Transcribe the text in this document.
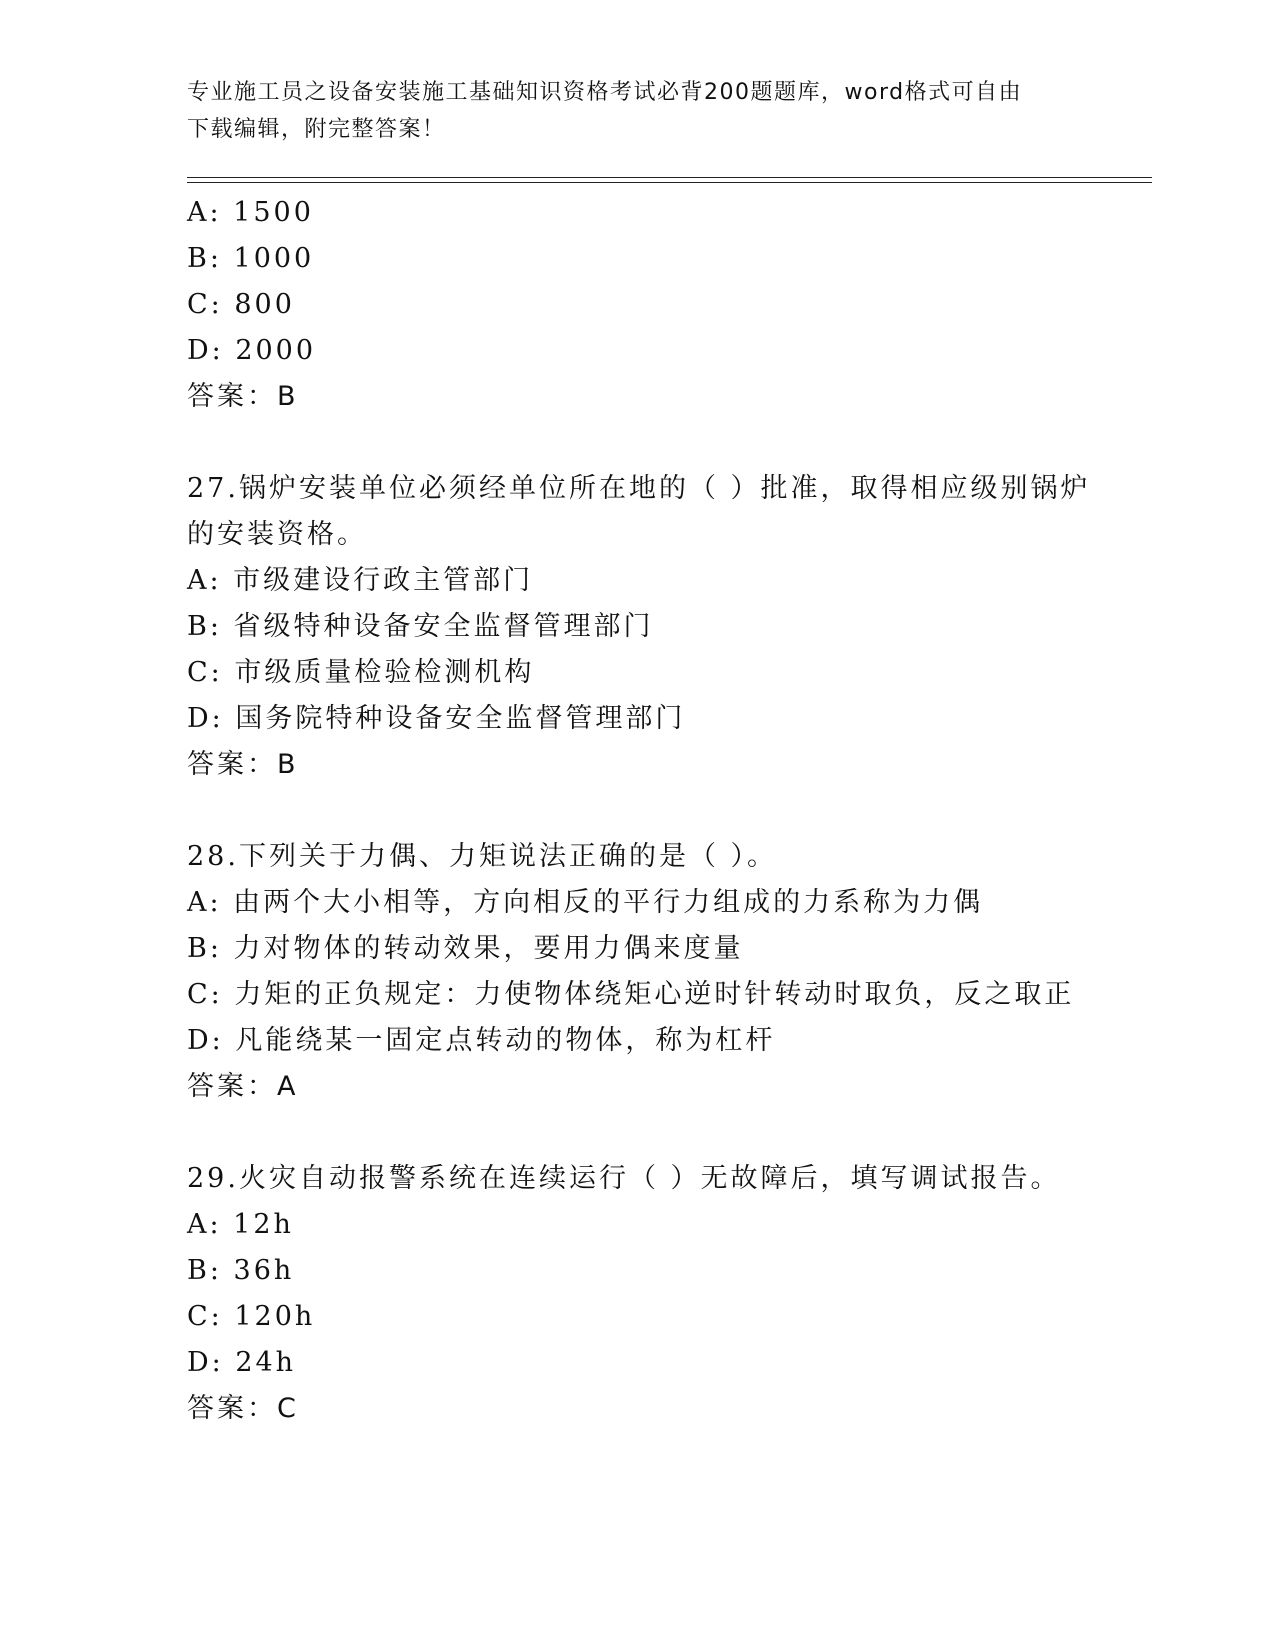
专业施工员之设备安装施工基础知识资格考试必背200题题库，word格式可自由
下载编辑，附完整答案！
A: 1500
B: 1000
C: 800
D: 2000
答案：B
27.锅炉安装单位必须经单位所在地的（ ）批准，取得相应级别锅炉
的安装资格。
A: 市级建设行政主管部门
B: 省级特种设备安全监督管理部门
C: 市级质量检验检测机构
D: 国务院特种设备安全监督管理部门
答案：B
28.下列关于力偶、力矩说法正确的是（ ）。
A: 由两个大小相等，方向相反的平行力组成的力系称为力偶
B: 力对物体的转动效果，要用力偶来度量
C: 力矩的正负规定：力使物体绕矩心逆时针转动时取负，反之取正
D: 凡能绕某一固定点转动的物体，称为杠杆
答案：A
29.火灾自动报警系统在连续运行（ ）无故障后，填写调试报告。
A: 12h
B: 36h
C: 120h
D: 24h
答案：C
